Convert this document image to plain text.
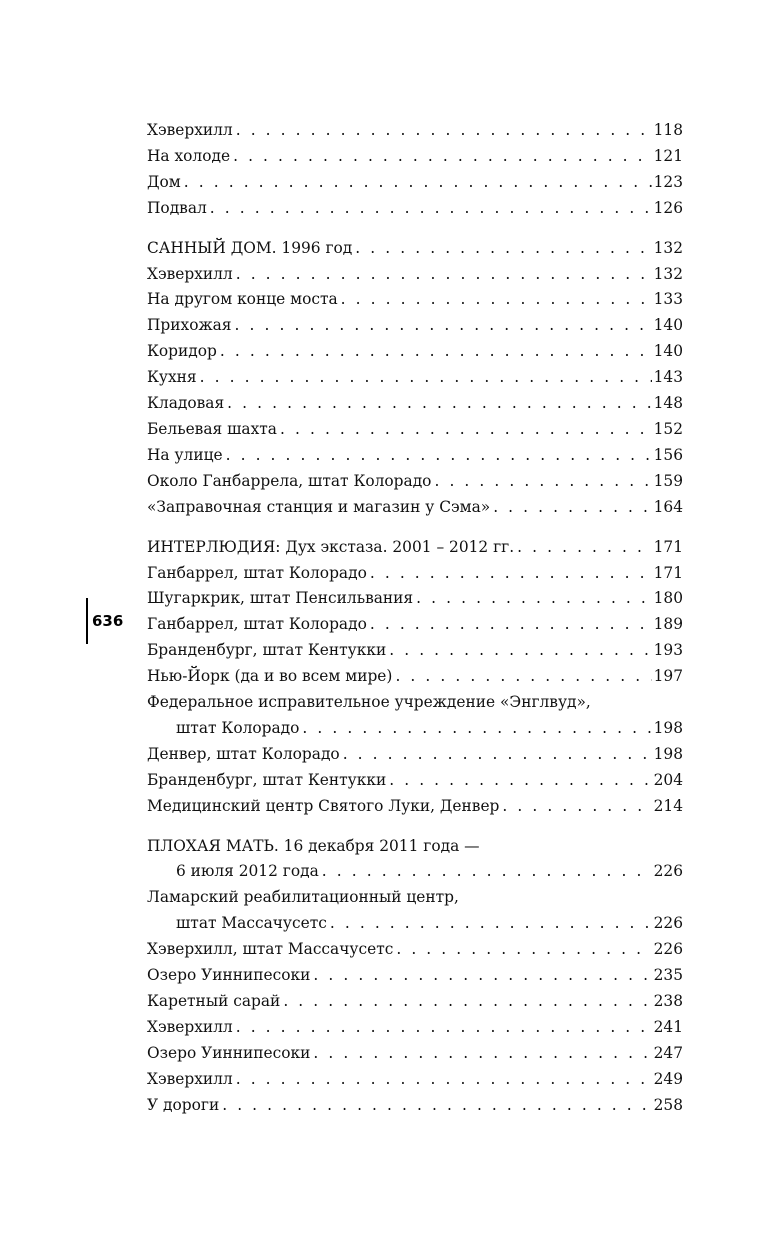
636
Хэверхилл . . .	118
На холоде . . .	121
Дом . . .	123
Подвал . . .	126
САННЫЙ ДОМ. 1996 год . . .	132
Хэверхилл . . .	132
На другом конце моста . . .	133
Прихожая . . .	140
Коридор . . .	140
Кухня . . .	143
Кладовая . . .	148
Бельевая шахта . . .	152
На улице . . .	156
Около Ганбаррела, штат Колорадо . . .	159
«Заправочная станция и магазин у Сэма» . . .	164
ИНТЕРЛЮДИЯ: Дух экстаза. 2001 – 2012 гг. . . .	171
Ганбаррел, штат Колорадо . . .	171
Шугаркрик, штат Пенсильвания . . .	180
Ганбаррел, штат Колорадо . . .	189
Бранденбург, штат Кентукки . . .	193
Нью-Йорк (да и во всем мире) . . .	197
Федеральное исправительное учреждение «Энглвуд»,
штат Колорадо . . .	198
Денвер, штат Колорадо . . .	198
Бранденбург, штат Кентукки . . .	204
Медицинский центр Святого Луки, Денвер . . .	214
ПЛОХАЯ МАТЬ. 16 декабря 2011 года —
6 июля 2012 года . . .	226
Ламарский реабилитационный центр,
штат Массачусетс . . .	226
Хэверхилл, штат Массачусетс . . .	226
Озеро Уиннипесоки . . .	235
Каретный сарай . . .	238
Хэверхилл . . .	241
Озеро Уиннипесоки . . .	247
Хэверхилл . . .	249
У дороги . . .	258
